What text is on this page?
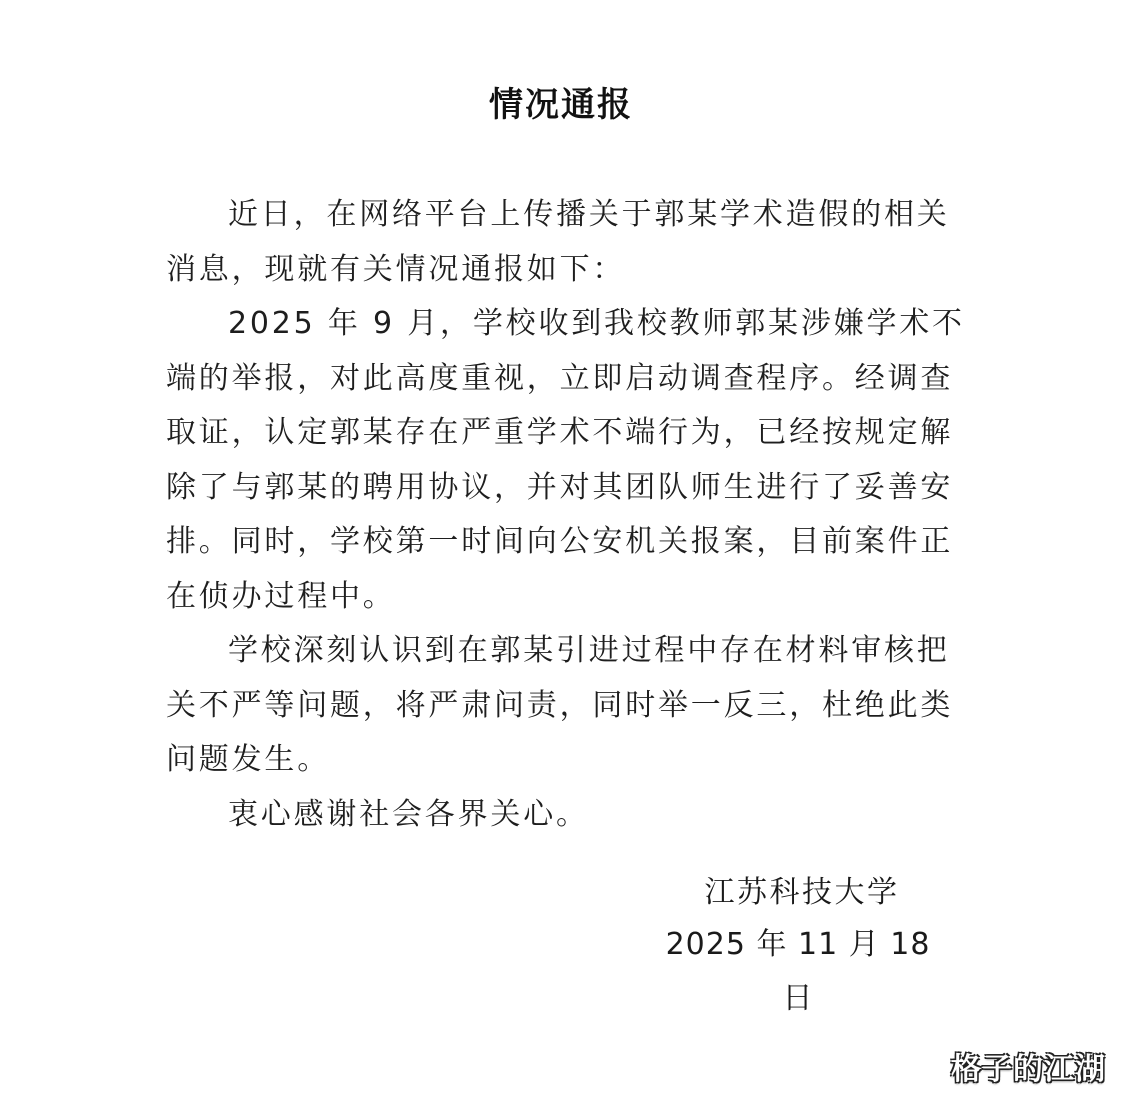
情况通报

近日，在网络平台上传播关于郭某学术造假的相关消息，现就有关情况通报如下：

2025 年 9 月，学校收到我校教师郭某涉嫌学术不端的举报，对此高度重视，立即启动调查程序。经调查取证，认定郭某存在严重学术不端行为，已经按规定解除了与郭某的聘用协议，并对其团队师生进行了妥善安排。同时，学校第一时间向公安机关报案，目前案件正在侦办过程中。

学校深刻认识到在郭某引进过程中存在材料审核把关不严等问题，将严肃问责，同时举一反三，杜绝此类问题发生。

衷心感谢社会各界关心。

江苏科技大学
2025 年 11 月 18 日
格子的江湖
